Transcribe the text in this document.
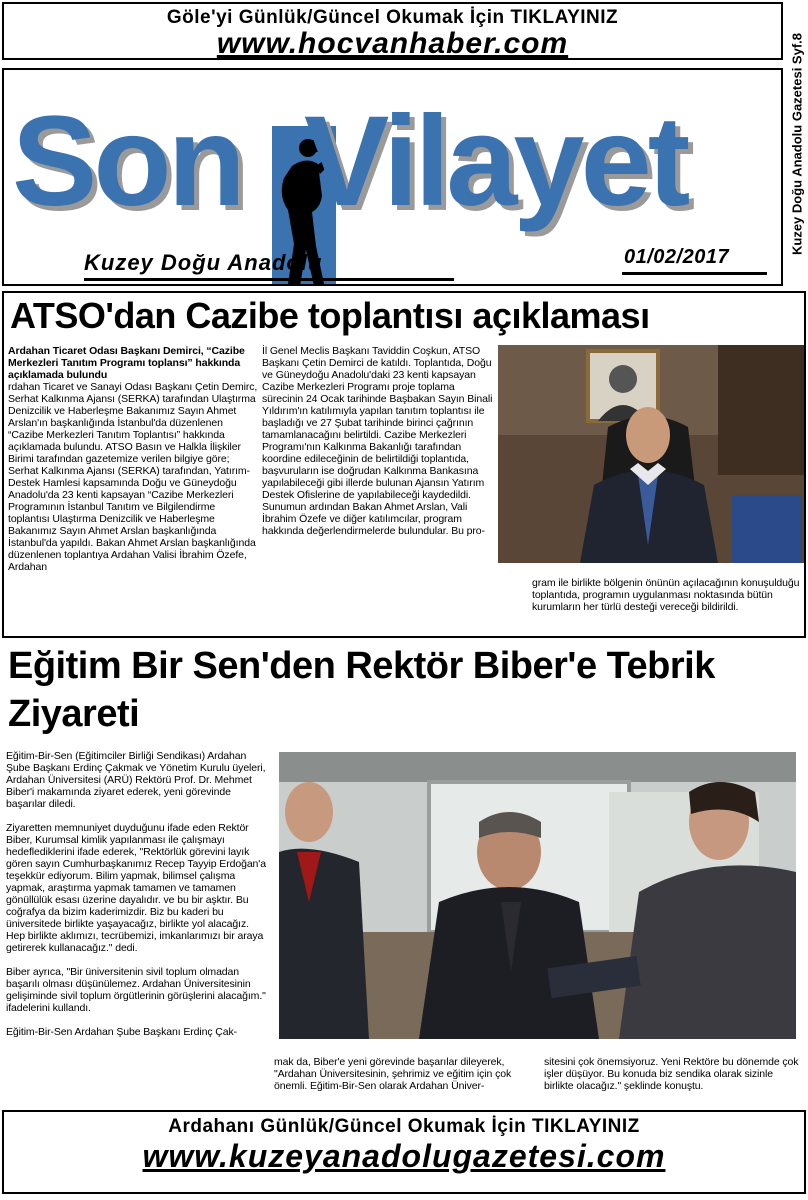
Göle'yi Günlük/Güncel Okumak İçin TIKLAYINIZ
www.hocvanhaber.com	Kuzey Doğu Anadolu Gazetesi Syf.8
Son Vilayet
Kuzey Doğu Anadolu	01/02/2017
ATSO'dan Cazibe toplantısı açıklaması

Ardahan Ticaret Odası Başkanı Demirci, “Cazibe Merkezleri Tanıtım Programı toplansı” hakkında açıklamada bulundu

rdahan Ticaret ve Sanayi Odası Başkanı Çetin Demirc, Serhat Kalkınma Ajansı (SERKA) tarafından Ulaştırma Denizcilik ve Haberleşme Bakanımız Sayın Ahmet Arslan'ın başkanlığında İstanbul'da düzenlenen “Cazibe Merkezleri Tanıtım Toplantısı” hakkında açıklamada bulundu. ATSO Basın ve Halkla İlişkiler Birimi tarafından gazetemize verilen bilgiye göre; Serhat Kalkınma Ajansı (SERKA) tarafından, Yatırım-Destek Hamlesi kapsamında Doğu ve Güneydoğu Anadolu'da 23 kenti kapsayan “Cazibe Merkezleri Programının İstanbul Tanıtım ve Bilgilendirme toplantısı Ulaştırma Denizcilik ve Haberleşme Bakanımız Sayın Ahmet Arslan başkanlığında İstanbul'da yapıldı. Bakan Ahmet Arslan başkanlığında düzenlenen toplantıya Ardahan Valisi İbrahim Özefe, Ardahan

İl Genel Meclis Başkanı Taviddin Coşkun, ATSO Başkanı Çetin Demirci de katıldı. Toplantıda, Doğu ve Güneydoğu Anadolu'daki 23 kenti kapsayan Cazibe Merkezleri Programı proje toplama sürecinin 24 Ocak tarihinde Başbakan Sayın Binali Yıldırım'ın katılımıyla yapılan tanıtım toplantısı ile başladığı ve 27 Şubat tarihinde birinci çağrının tamamlanacağını belirtildi. Cazibe Merkezleri Programı'nın Kalkınma Bakanlığı tarafından koordine edileceğinin de belirtildiği toplantıda, başvuruların ise doğrudan Kalkınma Bankasına yapılabileceği gibi illerde bulunan Ajansın Yatırım Destek Ofislerine de yapılabileceği kaydedildi. Sunumun ardından Bakan Ahmet Arslan, Vali İbrahim Özefe ve diğer katılımcılar, program hakkında değerlendirmelerde bulundular. Bu pro-

gram ile birlikte bölgenin önünün açılacağının konuşulduğu toplantıda, programın uygulanması noktasında bütün kurumların her türlü desteği vereceği bildirildi.

Eğitim Bir Sen'den Rektör Biber'e Tebrik Ziyareti

Eğitim-Bir-Sen (Eğitimciler Birliği Sendikası) Ardahan Şube Başkanı Erdinç Çakmak ve Yönetim Kurulu üyeleri, Ardahan Üniversitesi (ARÜ) Rektörü Prof. Dr. Mehmet Biber'i makamında ziyaret ederek, yeni görevinde başarılar diledi.

Ziyaretten memnuniyet duyduğunu ifade eden Rektör Biber, Kurumsal kimlik yapılanması ile çalışmayı hedeflediklerini ifade ederek, "Rektörlük görevini layık gören sayın Cumhurbaşkanımız Recep Tayyip Erdoğan'a teşekkür ediyorum. Bilim yapmak, bilimsel çalışma yapmak, araştırma yapmak tamamen ve tamamen gönüllülük esası üzerine dayalıdır. ve bu bir aşktır. Bu coğrafya da bizim kaderimizdir. Biz bu kaderi bu üniversitede birlikte yaşayacağız, birlikte yol alacağız. Hep birlikte aklımızı, tecrübemizi, imkanlarımızı bir araya getirerek kullanacağız." dedi.

Biber ayrıca, "Bir üniversitenin sivil toplum olmadan başarılı olması düşünülemez. Ardahan Üniversitesinin gelişiminde sivil toplum örgütlerinin görüşlerini alacağım." ifadelerini kullandı.

Eğitim-Bir-Sen Ardahan Şube Başkanı Erdinç Çak-

mak da, Biber'e yeni görevinde başarılar dileyerek, "Ardahan Üniversitesinin, şehrimiz ve eğitim için çok önemli. Eğitim-Bir-Sen olarak Ardahan Üniver-

sitesini çok önemsiyoruz. Yeni Rektöre bu dönemde çok işler düşüyor. Bu konuda biz sendika olarak sizinle birlikte olacağız." şeklinde konuştu.

Ardahanı Günlük/Güncel Okumak İçin TIKLAYINIZ
www.kuzeyanadolugazetesi.com
